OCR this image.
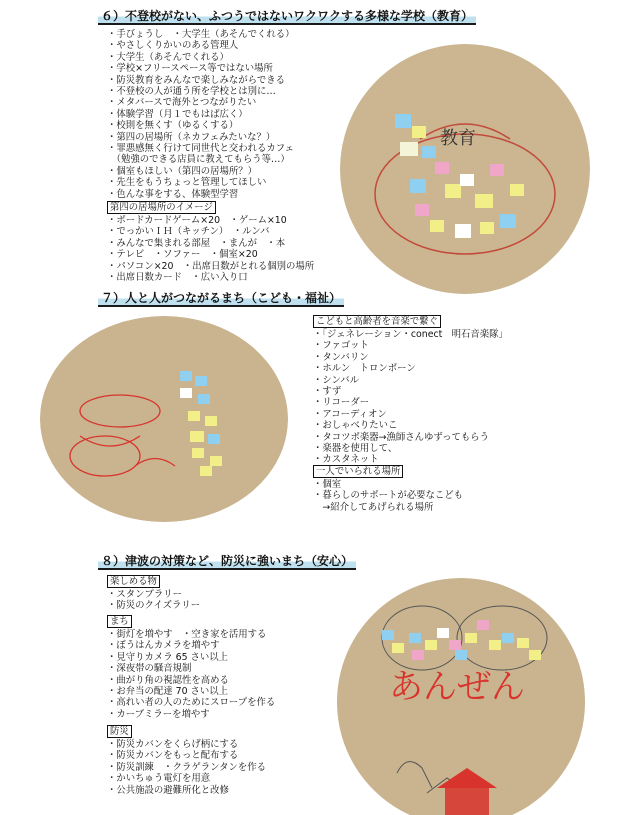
６）不登校がない、ふつうではないワクワクする多様な学校（教育）
・手びょうし　・大学生（あそんでくれる）
・やさしくりかいのある管理人
・大学生（あそんでくれる）
・学校×フリースペース等ではない場所
・防災教育をみんなで楽しみながらできる
・不登校の人が通う所を学校とは別に…
・メタバースで海外とつながりたい
・体験学習（月１でもはば広く）
・校則を無くす（ゆるくする）
・第四の居場所（ネカフェみたいな？）
・罪悪感無く行けて同世代と交われるカフェ
　（勉強のできる店員に教えてもらう等…）
・個室もほしい（第四の居場所？）
・先生をもうちょっと管理してほしい
・色んな事をする、体験型学習
第四の居場所のイメージ
・ボードカードゲーム×20　・ゲーム×10
・でっかいＩＨ（キッチン）　・ルンバ
・みんなで集まれる部屋　・まんが　・本
・テレビ　・ソファー　・個室×20
・パソコン×20　・出席日数がとれる個別の場所
・出席日数カード　・広い入り口
教育
７）人と人がつながるまち（こども・福祉）
こどもと高齢者を音楽で繋ぐ
・「ジェネレーション・conect　明石音楽隊」
・ファゴット
・タンバリン
・ホルン　トロンボーン
・シンバル
・すず
・リコーダー
・アコーディオン
・おしゃべりたいこ
・タコツボ楽器→漁師さんゆずってもらう
・楽器を使用して、
・カスタネット
一人でいられる場所
・個室
・暮らしのサポートが必要なこども
　→紹介してあげられる場所
８）津波の対策など、防災に強いまち（安心）
楽しめる物
・スタンプラリー
・防災のクイズラリー
まち
・街灯を増やす　・空き家を活用する
・ぼうはんカメラを増やす
・見守りカメラ 65 さい以上
・深夜帯の騒音規制
・曲がり角の視認性を高める
・お弁当の配達 70 さい以上
・高れい者の人のためにスロープを作る
・カーブミラーを増やす
防災
・防災カバンをくらげ柄にする
・防災カバンをもっと配布する
・防災訓練　・クラゲランタンを作る
・かいちゅう電灯を用意
・公共施設の避難所化と改修
あんぜん
